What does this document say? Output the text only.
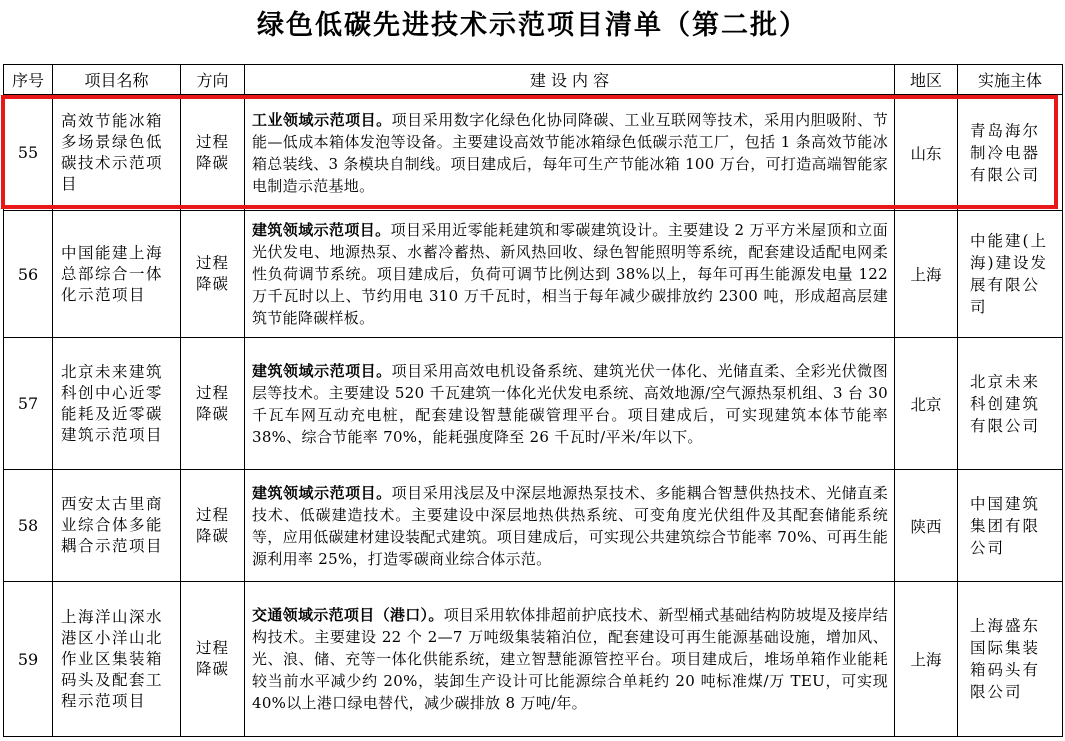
绿色低碳先进技术示范项目清单（第二批）
序号	项目名称	方向	建 设 内 容	地区	实施主体
55	高效节能冰箱多场景绿色低碳技术示范项目	过程降碳	工业领域示范项目。项目采用数字化绿色化协同降碳、工业互联网等技术，采用内胆吸附、节能—低成本箱体发泡等设备。主要建设高效节能冰箱绿色低碳示范工厂，包括 1 条高效节能冰箱总装线、3 条模块自制线。项目建成后，每年可生产节能冰箱 100 万台，可打造高端智能家电制造示范基地。	山东	青岛海尔制冷电器有限公司
56	中国能建上海总部综合一体化示范项目	过程降碳	建筑领域示范项目。项目采用近零能耗建筑和零碳建筑设计。主要建设 2 万平方米屋顶和立面光伏发电、地源热泵、水蓄冷蓄热、新风热回收、绿色智能照明等系统，配套建设适配电网柔性负荷调节系统。项目建成后，负荷可调节比例达到 38%以上，每年可再生能源发电量 122 万千瓦时以上、节约用电 310 万千瓦时，相当于每年减少碳排放约 2300 吨，形成超高层建筑节能降碳样板。	上海	中能建(上海)建设发展有限公司
57	北京未来建筑科创中心近零能耗及近零碳建筑示范项目	过程降碳	建筑领域示范项目。项目采用高效电机设备系统、建筑光伏一体化、光储直柔、全彩光伏微图层等技术。主要建设 520 千瓦建筑一体化光伏发电系统、高效地源/空气源热泵机组、3 台 30 千瓦车网互动充电桩，配套建设智慧能碳管理平台。项目建成后，可实现建筑本体节能率 38%、综合节能率 70%，能耗强度降至 26 千瓦时/平米/年以下。	北京	北京未来科创建筑有限公司
58	西安太古里商业综合体多能耦合示范项目	过程降碳	建筑领域示范项目。项目采用浅层及中深层地源热泵技术、多能耦合智慧供热技术、光储直柔技术、低碳建造技术。主要建设中深层地热供热系统、可变角度光伏组件及其配套储能系统等，应用低碳建材建设装配式建筑。项目建成后，可实现公共建筑综合节能率 70%、可再生能源利用率 25%，打造零碳商业综合体示范。	陕西	中国建筑集团有限公司
59	上海洋山深水港区小洋山北作业区集装箱码头及配套工程示范项目	过程降碳	交通领域示范项目（港口）。项目采用软体排超前护底技术、新型桶式基础结构防坡堤及接岸结构技术。主要建设 22 个 2—7 万吨级集装箱泊位，配套建设可再生能源基础设施，增加风、光、浪、储、充等一体化供能系统，建立智慧能源管控平台。项目建成后，堆场单箱作业能耗较当前水平减少约 20%，装卸生产设计可比能源综合单耗约 20 吨标准煤/万 TEU，可实现 40%以上港口绿电替代，减少碳排放 8 万吨/年。	上海	上海盛东国际集装箱码头有限公司
